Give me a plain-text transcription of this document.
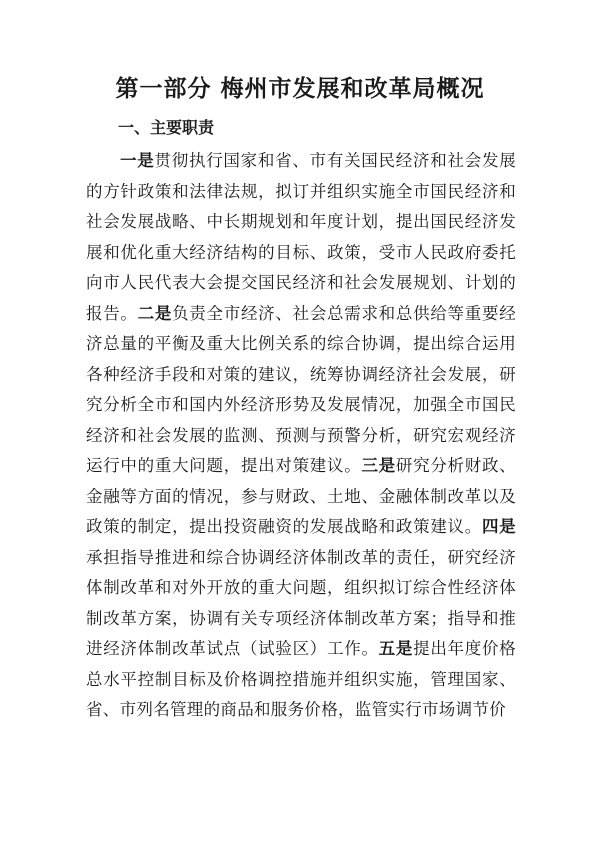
第一部分 梅州市发展和改革局概况
一、主要职责
一是贯彻执行国家和省、市有关国民经济和社会发展的方针政策和法律法规，拟订并组织实施全市国民经济和社会发展战略、中长期规划和年度计划，提出国民经济发展和优化重大经济结构的目标、政策，受市人民政府委托向市人民代表大会提交国民经济和社会发展规划、计划的报告。二是负责全市经济、社会总需求和总供给等重要经济总量的平衡及重大比例关系的综合协调，提出综合运用各种经济手段和对策的建议，统筹协调经济社会发展，研究分析全市和国内外经济形势及发展情况，加强全市国民经济和社会发展的监测、预测与预警分析，研究宏观经济运行中的重大问题，提出对策建议。三是研究分析财政、金融等方面的情况，参与财政、土地、金融体制改革以及政策的制定，提出投资融资的发展战略和政策建议。四是承担指导推进和综合协调经济体制改革的责任，研究经济体制改革和对外开放的重大问题，组织拟订综合性经济体制改革方案，协调有关专项经济体制改革方案；指导和推进经济体制改革试点（试验区）工作。五是提出年度价格总水平控制目标及价格调控措施并组织实施，管理国家、省、市列名管理的商品和服务价格，监管实行市场调节价
